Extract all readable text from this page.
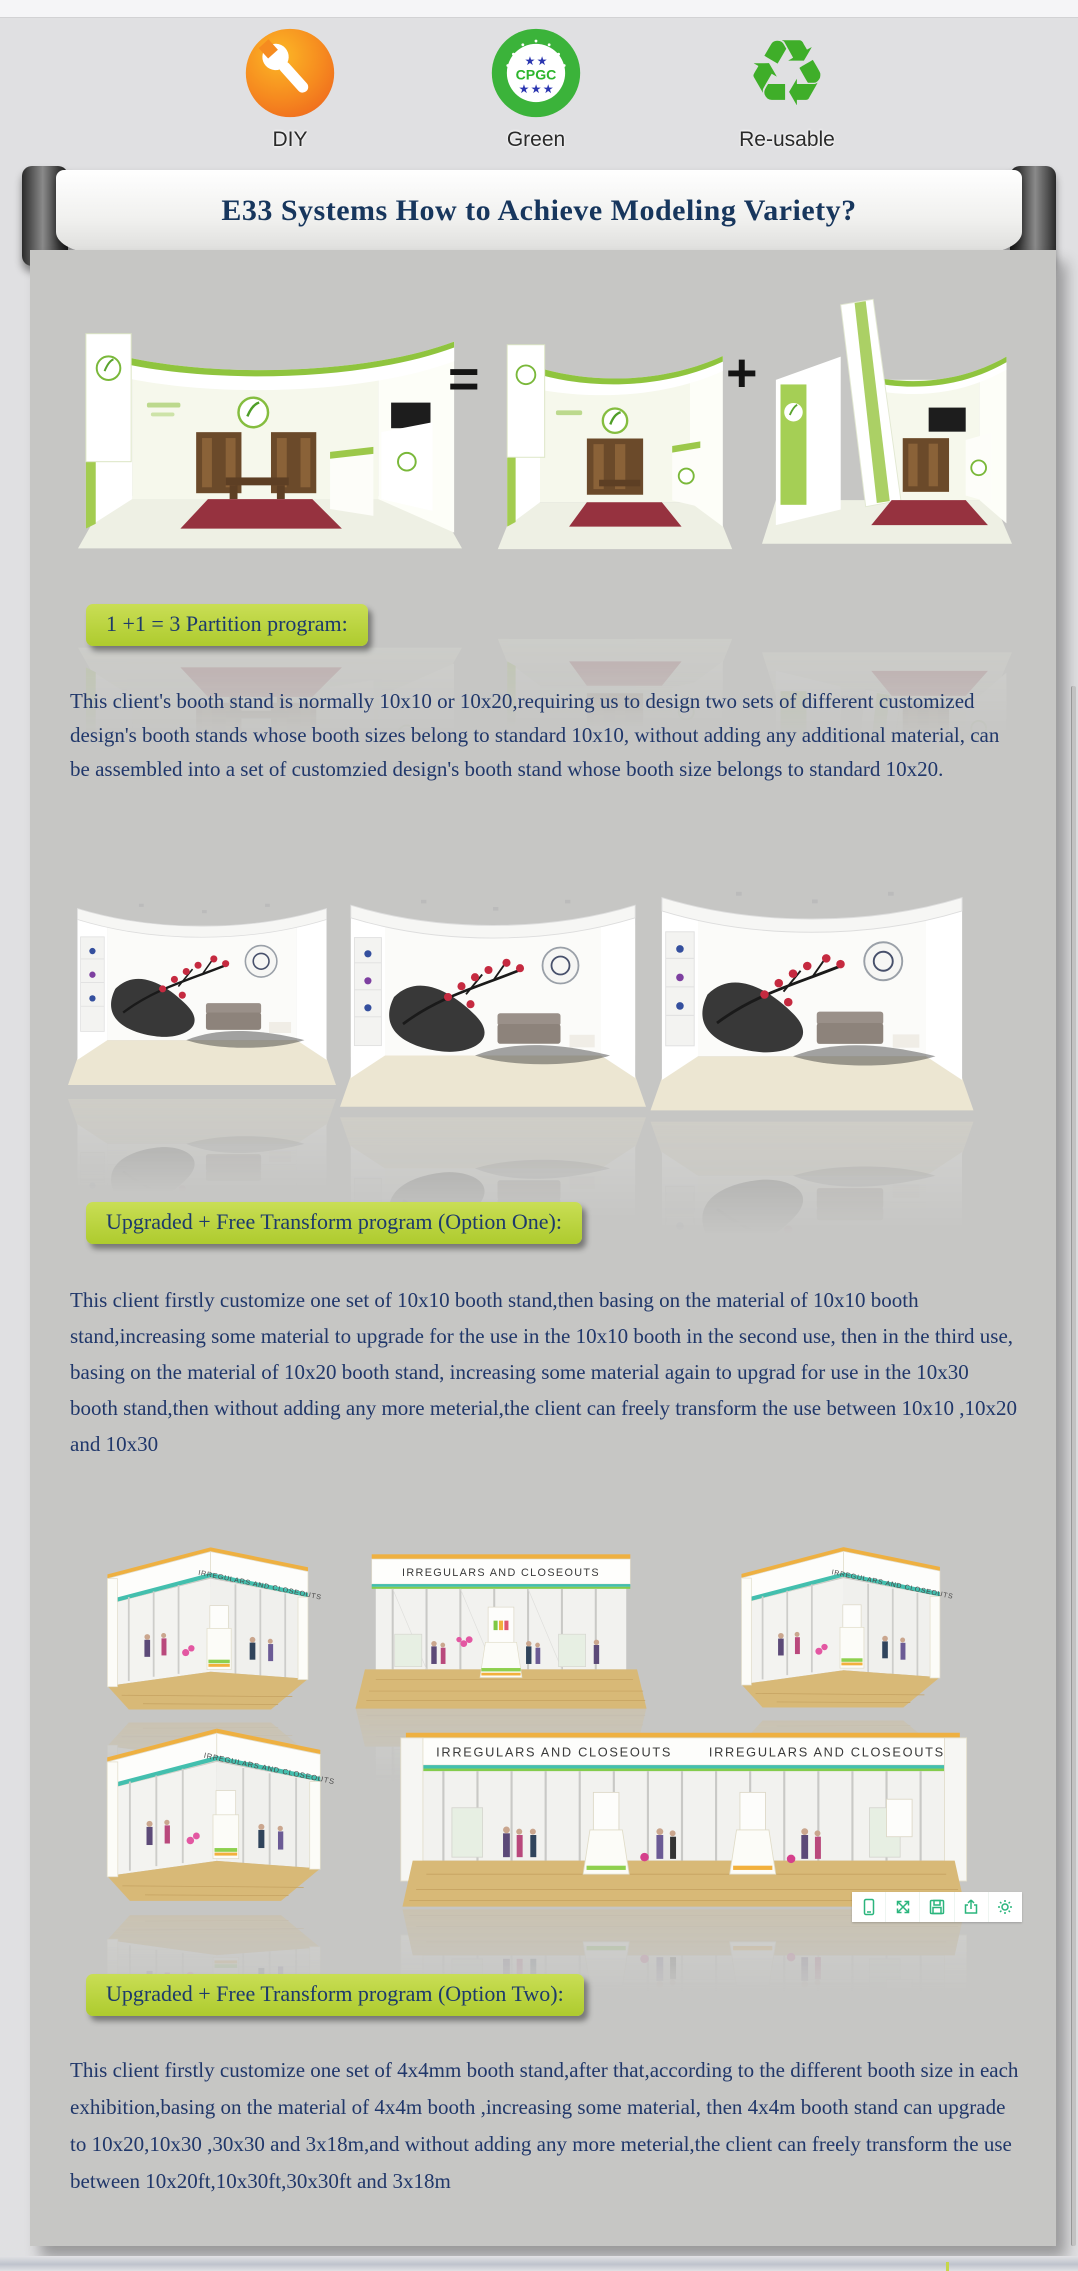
DIY
★ ★
CPGC
★ ★ ★
Green
♻
Re-usable
E33 Systems How to Achieve Modeling Variety?
=	+
1 +1 = 3 Partition program:
This client's booth stand is normally 10x10 or 10x20,requiring us to design two sets of different customized design's booth stands whose booth sizes belong to standard 10x10, without adding any additional material, can be assembled into a set of customzied design's booth stand whose booth size belongs to standard 10x20.
Upgraded + Free Transform program (Option One):
This client firstly customize one set of 10x10 booth stand,then basing on the material of 10x10 booth stand,increasing some material to upgrade for the use in the 10x10 booth in the second use, then in the third use, basing on the material of 10x20 booth stand, increasing some material again to upgrad for use in the 10x30 booth stand,then without adding any more meterial,the client can freely transform the use between 10x10 ,10x20 and 10x30
Upgraded + Free Transform program (Option Two):
This client firstly customize one set of 4x4mm booth stand,after that,according to the different booth size in each exhibition,basing on the material of 4x4m booth ,increasing some material, then 4x4m booth stand can upgrade to 10x20,10x30 ,30x30 and 3x18m,and without adding any more meterial,the client can freely transform the use between 10x20ft,10x30ft,30x30ft and 3x18m
